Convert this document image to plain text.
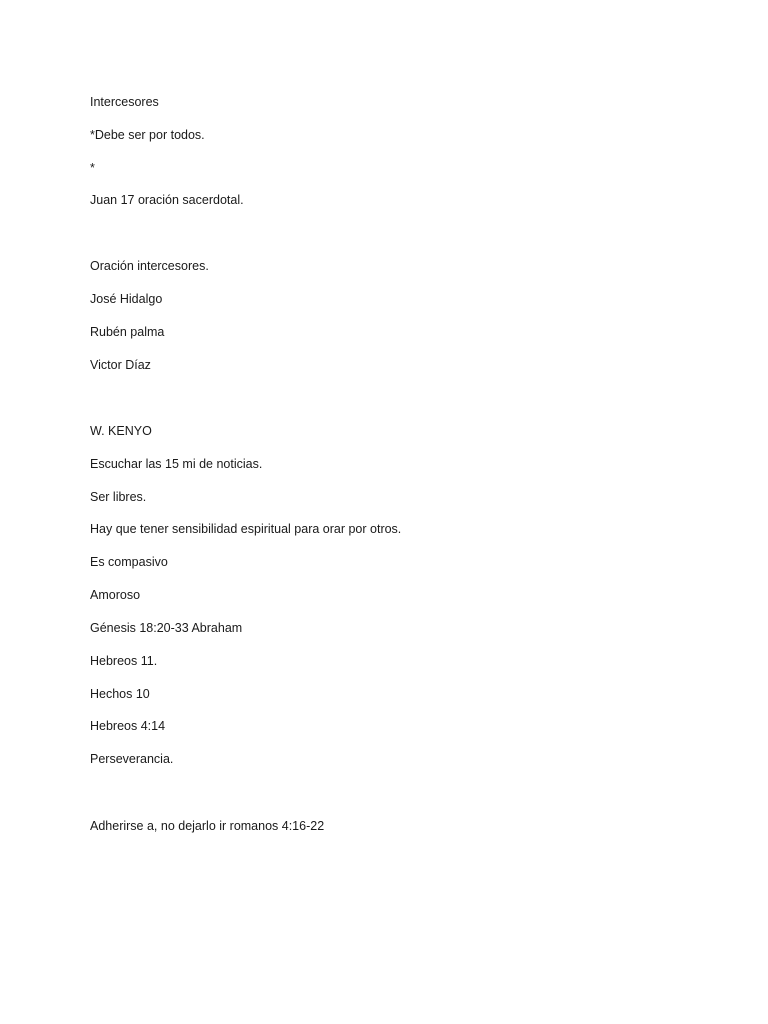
Intercesores
*Debe ser por todos.
*
Juan 17 oración sacerdotal.
Oración intercesores.
José Hidalgo
Rubén palma
Victor Díaz
W. KENYO
Escuchar las 15 mi de noticias.
Ser libres.
Hay que tener sensibilidad espiritual para orar por otros.
Es compasivo
Amoroso
Génesis 18:20-33 Abraham
Hebreos 11.
Hechos 10
Hebreos 4:14
Perseverancia.
Adherirse a, no dejarlo ir romanos 4:16-22
